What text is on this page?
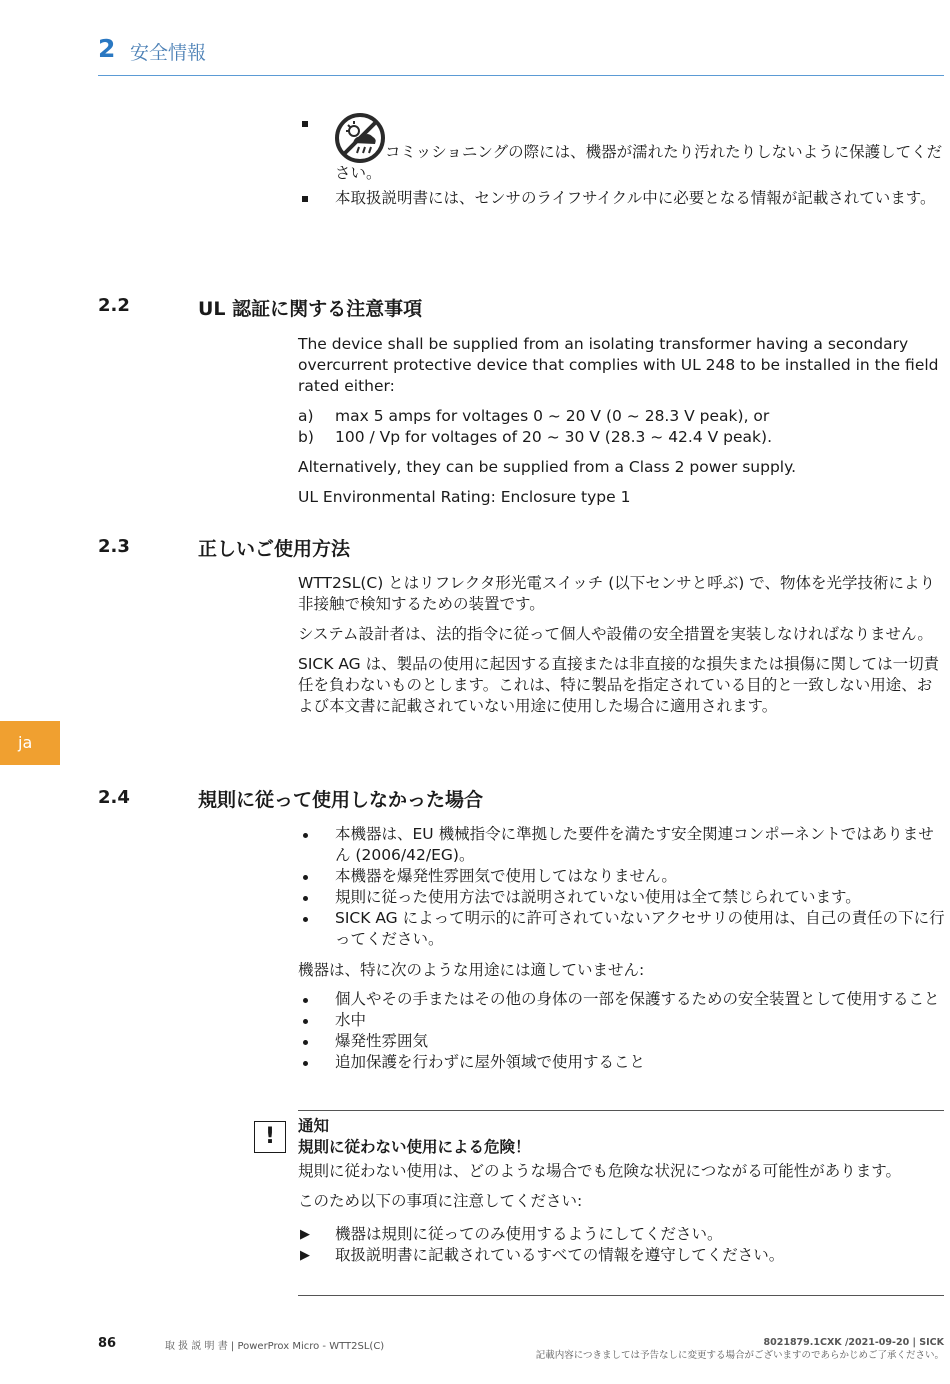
2 安全情報
ja
コミッショニングの際には、機器が濡れたり汚れたりしないように保護してください。
本取扱説明書には、センサのライフサイクル中に必要となる情報が記載されています。
2.2	UL 認証に関する注意事項

The device shall be supplied from an isolating transformer having a secondary overcurrent protective device that complies with UL 248 to be installed in the field rated either:

a) max 5 amps for voltages 0 ~ 20 V (0 ~ 28.3 V peak), or
b) 100 / Vp for voltages of 20 ~ 30 V (28.3 ~ 42.4 V peak).

Alternatively, they can be supplied from a Class 2 power supply.

UL Environmental Rating: Enclosure type 1

2.3	正しいご使用方法

WTT2SL(C) とはリフレクタ形光電スイッチ (以下センサと呼ぶ) で、物体を光学技術により非接触で検知するための装置です。

システム設計者は、法的指令に従って個人や設備の安全措置を実装しなければなりません。

SICK AG は、製品の使用に起因する直接または非直接的な損失または損傷に関しては一切責任を負わないものとします。これは、特に製品を指定されている目的と一致しない用途、および本文書に記載されていない用途に使用した場合に適用されます。

2.4	規則に従って使用しなかった場合
本機器は、EU 機械指令に準拠した要件を満たす安全関連コンポーネントではありません (2006/42/EG)。
本機器を爆発性雰囲気で使用してはなりません。
規則に従った使用方法では説明されていない使用は全て禁じられています。
SICK AG によって明示的に許可されていないアクセサリの使用は、自己の責任の下に行ってください。
機器は、特に次のような用途には適していません:
個人やその手またはその他の身体の一部を保護するための安全装置として使用すること
水中
爆発性雰囲気
追加保護を行わずに屋外領域で使用すること
!	通知
規則に従わない使用による危険！

規則に従わない使用は、どのような場合でも危険な状況につながる可能性があります。

このため以下の事項に注意してください:

▶ 機器は規則に従ってのみ使用するようにしてください。
▶ 取扱説明書に記載されているすべての情報を遵守してください。
86	取 扱 説 明 書 | PowerProx Micro - WTT2SL(C)	8021879.1CXK /2021-09-20 | SICK
記載内容につきましては予告なしに変更する場合がございますのであらかじめご了承ください。
